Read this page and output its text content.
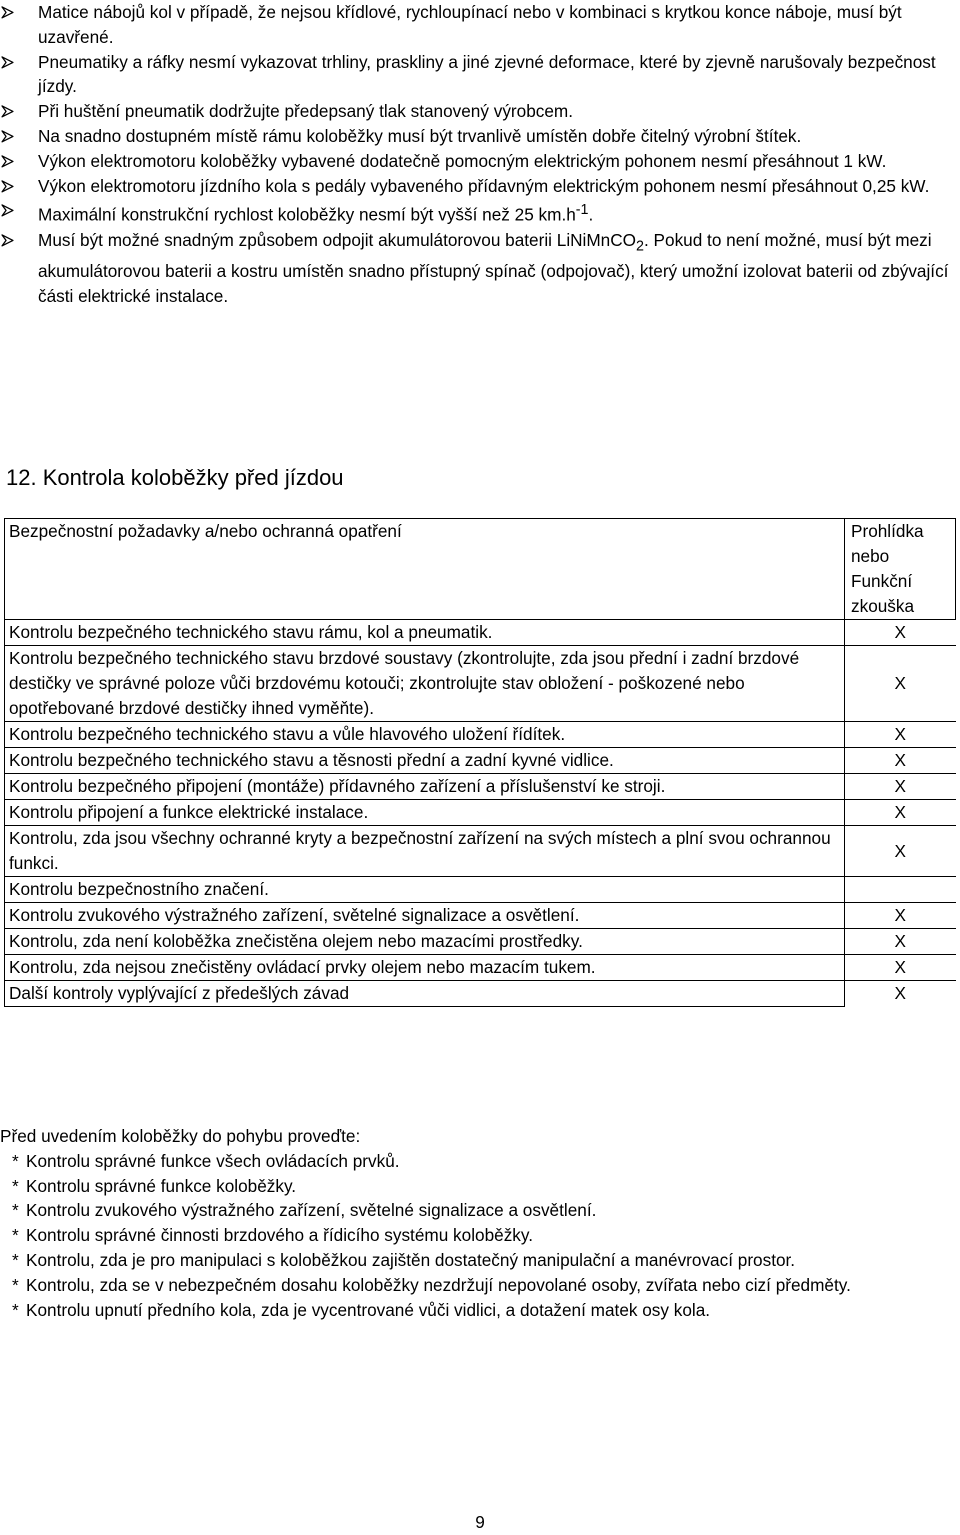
Matice nábojů kol v případě, že nejsou křídlové, rychloupínací nebo v kombinaci s krytkou konce náboje, musí být uzavřené.
Pneumatiky a ráfky nesmí vykazovat trhliny, praskliny a jiné zjevné deformace, které by zjevně narušovaly bezpečnost jízdy.
Při huštění pneumatik dodržujte předepsaný tlak stanovený výrobcem.
Na snadno dostupném místě rámu koloběžky musí být trvanlivě umístěn dobře čitelný výrobní štítek.
Výkon elektromotoru koloběžky vybavené dodatečně pomocným elektrickým pohonem nesmí přesáhnout 1 kW.
Výkon elektromotoru jízdního kola s pedály vybaveného přídavným elektrickým pohonem nesmí přesáhnout 0,25 kW.
Maximální konstrukční rychlost koloběžky nesmí být vyšší než 25 $km.h^{-1}$.
Musí být možné snadným způsobem odpojit akumulátorovou baterii LiNiMnCO$_2$. Pokud to není možné, musí být mezi akumulátorovou baterii a kostru umístěn snadno přístupný spínač (odpojovač), který umožní izolovat baterii od zbývající části elektrické instalace.
12. Kontrola koloběžky před jízdou
Bezpečnostní požadavky a/nebo ochranná opatření	Prohlídka nebo Funkční zkouška
Kontrolu bezpečného technického stavu rámu, kol a pneumatik.	X
Kontrolu bezpečného technického stavu brzdové soustavy (zkontrolujte, zda jsou přední i zadní brzdové destičky ve správné poloze vůči brzdovému kotouči; zkontrolujte stav obložení - poškozené nebo opotřebované brzdové destičky ihned vyměňte).	X
Kontrolu bezpečného technického stavu a vůle hlavového uložení řídítek.	X
Kontrolu bezpečného technického stavu a těsnosti přední a zadní kyvné vidlice.	X
Kontrolu bezpečného připojení (montáže) přídavného zařízení a příslušenství ke stroji.	X
Kontrolu připojení a funkce elektrické instalace.	X
Kontrolu, zda jsou všechny ochranné kryty a bezpečnostní zařízení na svých místech a plní svou ochrannou funkci.	X
Kontrolu bezpečnostního značení.	
Kontrolu zvukového výstražného zařízení, světelné signalizace a osvětlení.	X
Kontrolu, zda není koloběžka znečistěna olejem nebo mazacími prostředky.	X
Kontrolu, zda nejsou znečistěny ovládací prvky olejem nebo mazacím tukem.	X
Další kontroly vyplývající z předešlých závad	X

Před uvedením koloběžky do pohybu proveďte:

* Kontrolu správné funkce všech ovládacích prvků.
* Kontrolu správné funkce koloběžky.
* Kontrolu zvukového výstražného zařízení, světelné signalizace a osvětlení.
* Kontrolu správné činnosti brzdového a řídicího systému koloběžky.
* Kontrolu, zda je pro manipulaci s koloběžkou zajištěn dostatečný manipulační a manévrovací prostor.
* Kontrolu, zda se v nebezpečném dosahu koloběžky nezdržují nepovolané osoby, zvířata nebo cizí předměty.
* Kontrolu upnutí předního kola, zda je vycentrované vůči vidlici, a dotažení matek osy kola.
9
